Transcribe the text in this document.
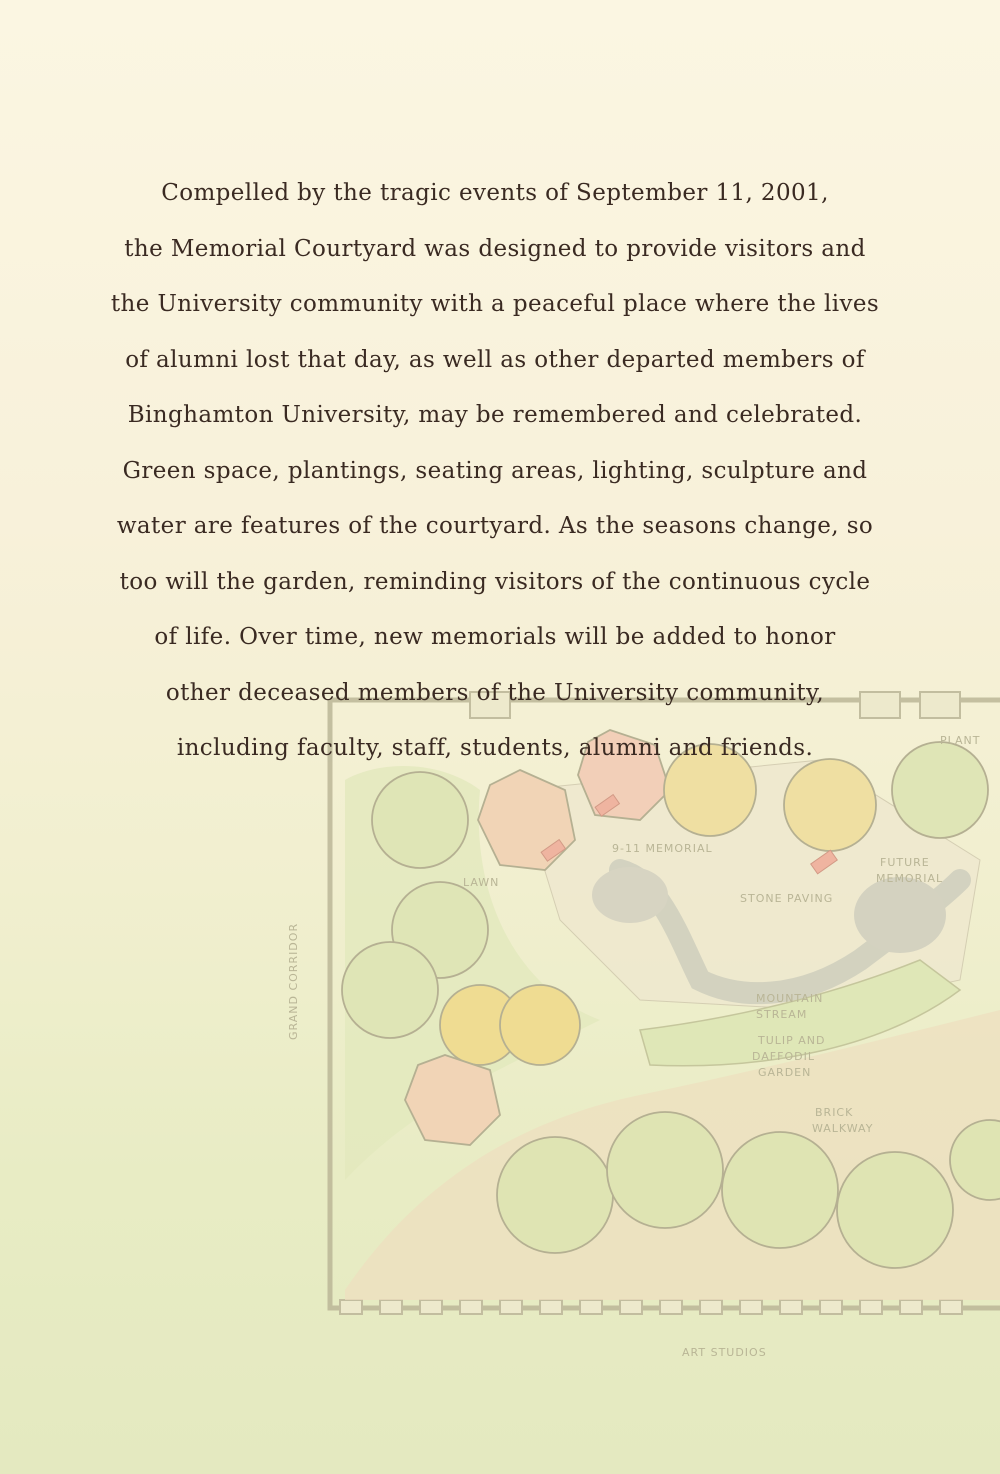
GRAND CORRIDOR
LAWN
9-11 MEMORIAL
FUTURE
MEMORIAL
STONE PAVING
MOUNTAIN
STREAM
TULIP AND
DAFFODIL
GARDEN
BRICK
WALKWAY
ART STUDIOS
PLANT
Compelled by the tragic events of September 11, 2001,
the Memorial Courtyard was designed to provide visitors and
the University community with a peaceful place where the lives
of alumni lost that day, as well as other departed members of
Binghamton University, may be remembered and celebrated.
Green space, plantings, seating areas, lighting, sculpture and
water are features of the courtyard. As the seasons change, so
too will the garden, reminding visitors of the continuous cycle
of life. Over time, new memorials will be added to honor
other deceased members of the University community,
including faculty, staff, students, alumni and friends.
